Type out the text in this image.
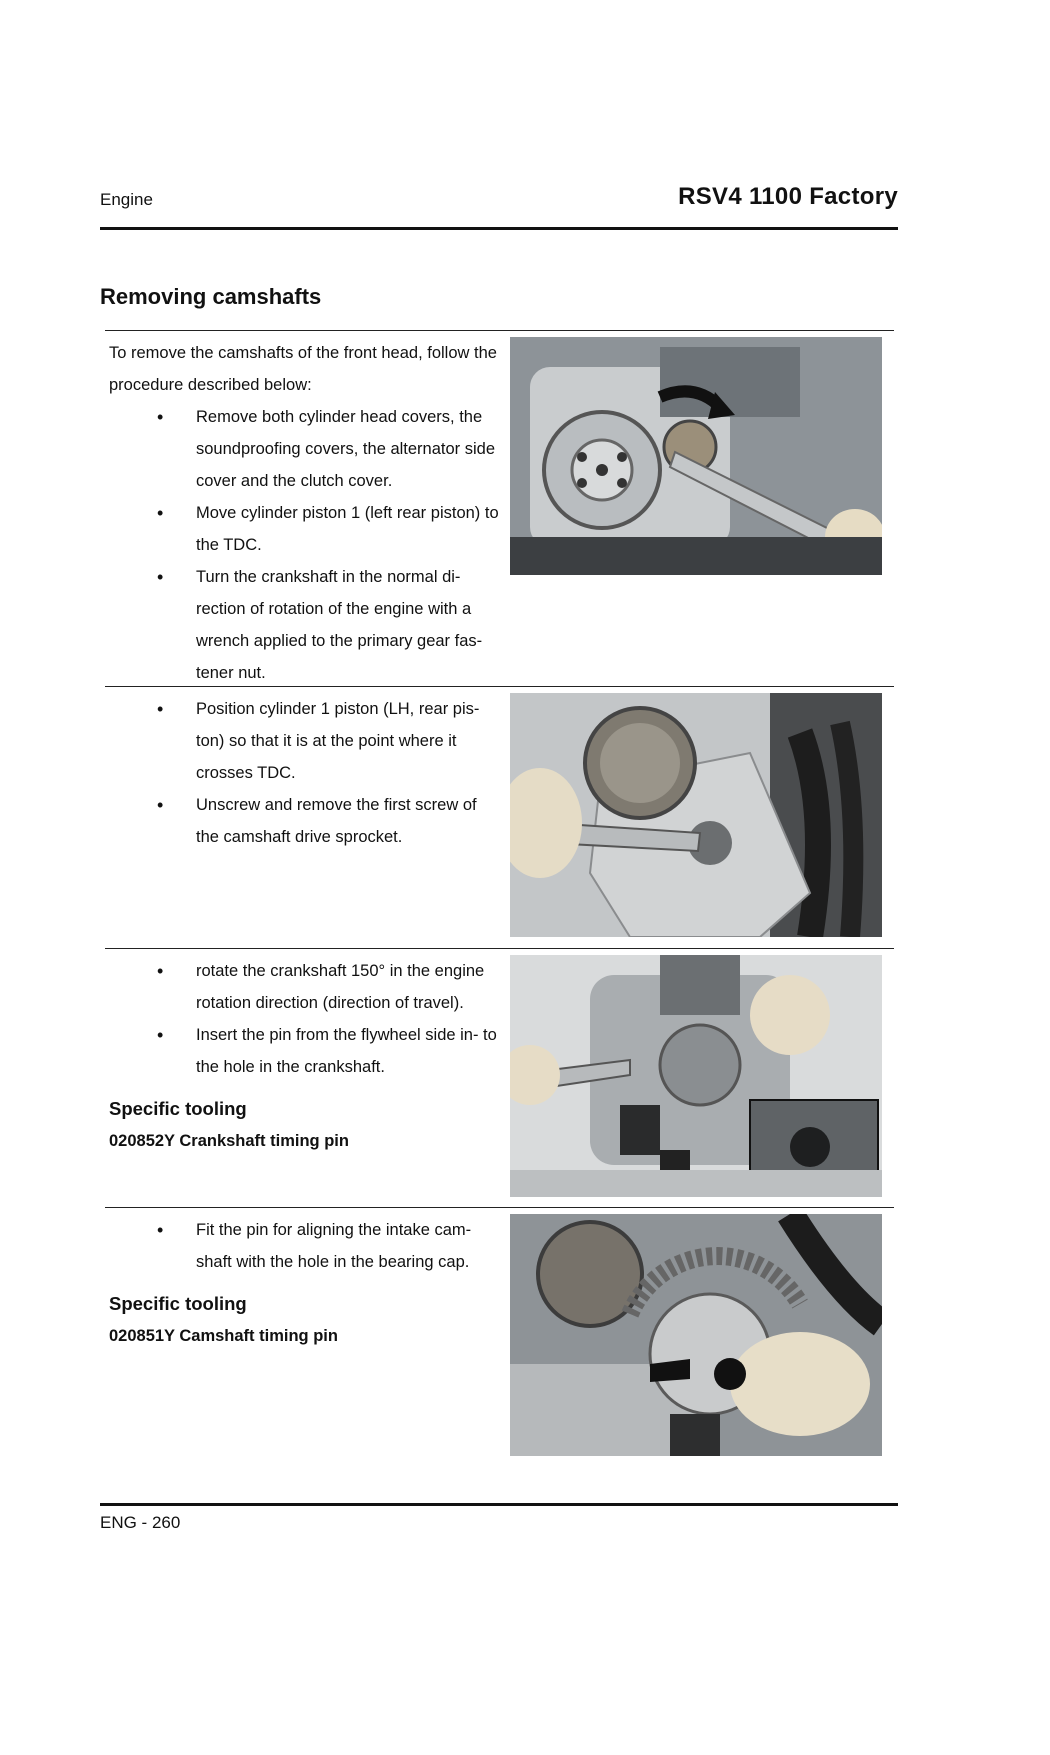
Engine	RSV4 1100 Factory
Removing camshafts

To remove the camshafts of the front head, follow the procedure described below:

• Remove both cylinder head covers, the soundproofing covers, the alternator side cover and the clutch cover.
• Move cylinder piston 1 (left rear piston) to the TDC.
• Turn the crankshaft in the normal di- rection of rotation of the engine with a wrench applied to the primary gear fas- tener nut.
• Position cylinder 1 piston (LH, rear pis- ton) so that it is at the point where it crosses TDC.
• Unscrew and remove the first screw of the camshaft drive sprocket.
• rotate the crankshaft 150° in the engine rotation direction (direction of travel).
• Insert the pin from the flywheel side in- to the hole in the crankshaft.
Specific tooling
020852Y Crankshaft timing pin
• Fit the pin for aligning the intake cam- shaft with the hole in the bearing cap.
Specific tooling
020851Y Camshaft timing pin
ENG - 260
